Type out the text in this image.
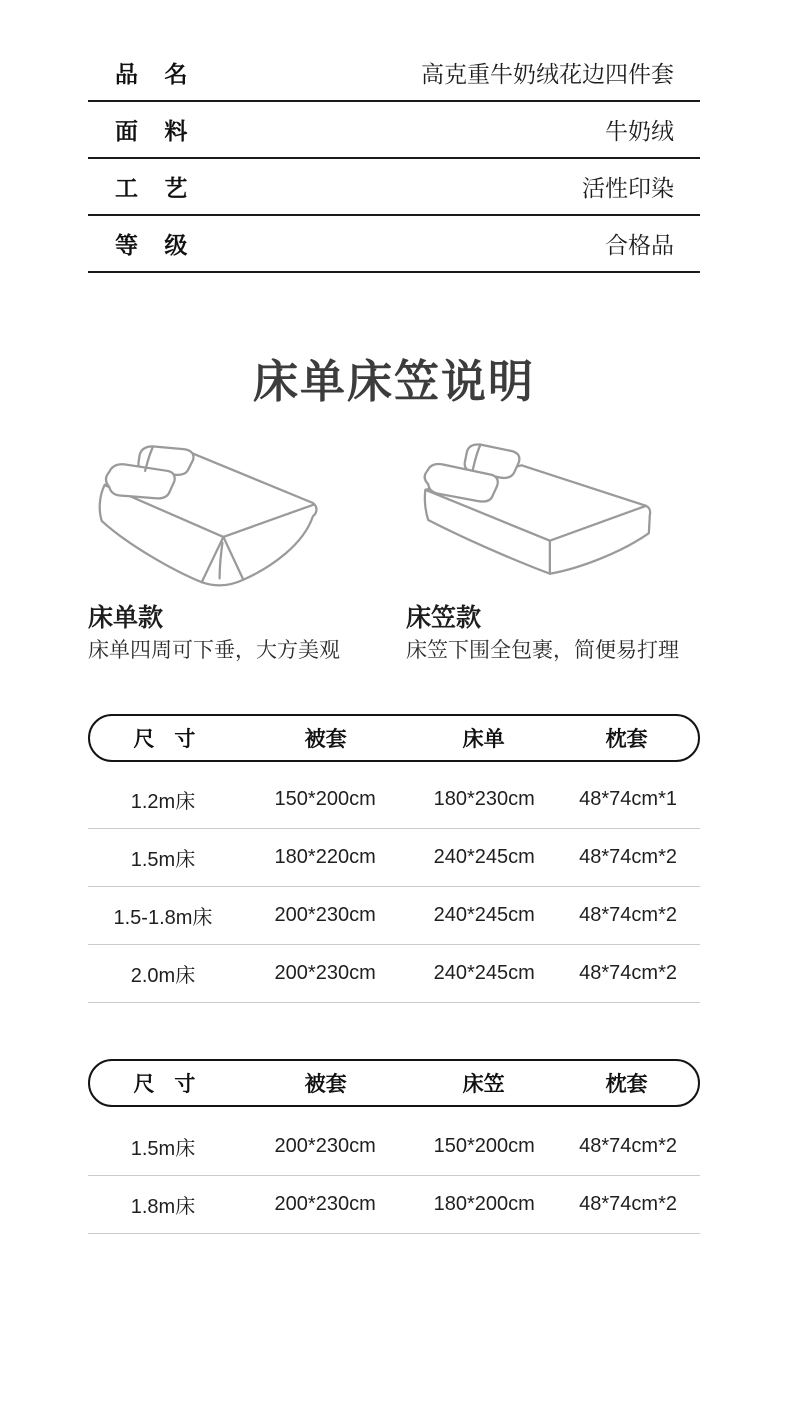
品 名	高克重牛奶绒花边四件套
面 料	牛奶绒
工 艺	活性印染
等 级	合格品
床单床笠说明
床单款
床单四周可下垂，大方美观
床笠款
床笠下围全包裹，简便易打理
尺 寸	被套	床单	枕套
1.2m床	150*200cm	180*230cm	48*74cm*1
1.5m床	180*220cm	240*245cm	48*74cm*2
1.5-1.8m床	200*230cm	240*245cm	48*74cm*2
2.0m床	200*230cm	240*245cm	48*74cm*2
尺 寸	被套	床笠	枕套
1.5m床	200*230cm	150*200cm	48*74cm*2
1.8m床	200*230cm	180*200cm	48*74cm*2
